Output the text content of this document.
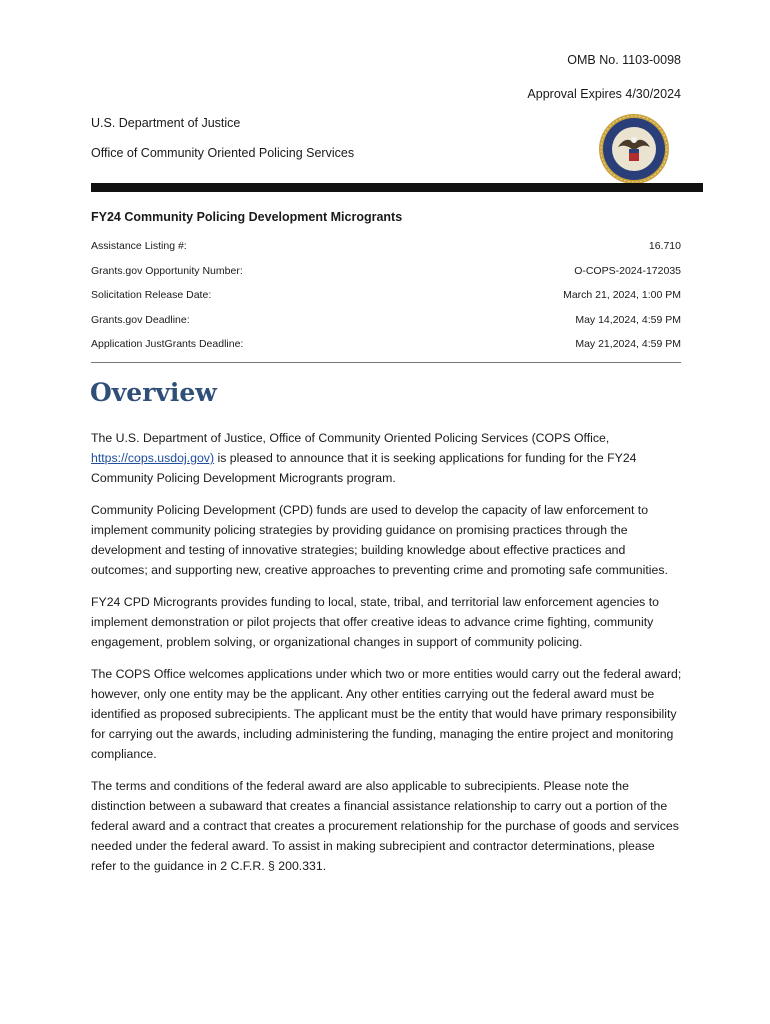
OMB No. 1103-0098
Approval Expires 4/30/2024
U.S. Department of Justice
Office of Community Oriented Policing Services
FY24 Community Policing Development Microgrants
Assistance Listing #:	16.710
Grants.gov Opportunity Number:	O-COPS-2024-172035
Solicitation Release Date:	March 21, 2024, 1:00 PM
Grants.gov Deadline:	May 14,2024, 4:59 PM
Application JustGrants Deadline:	May 21,2024, 4:59 PM
Overview

The U.S. Department of Justice, Office of Community Oriented Policing Services (COPS Office, https://cops.usdoj.gov) is pleased to announce that it is seeking applications for funding for the FY24 Community Policing Development Microgrants program.

Community Policing Development (CPD) funds are used to develop the capacity of law enforcement to implement community policing strategies by providing guidance on promising practices through the development and testing of innovative strategies; building knowledge about effective practices and outcomes; and supporting new, creative approaches to preventing crime and promoting safe communities.

FY24 CPD Microgrants provides funding to local, state, tribal, and territorial law enforcement agencies to implement demonstration or pilot projects that offer creative ideas to advance crime fighting, community engagement, problem solving, or organizational changes in support of community policing.

The COPS Office welcomes applications under which two or more entities would carry out the federal award; however, only one entity may be the applicant. Any other entities carrying out the federal award must be identified as proposed subrecipients. The applicant must be the entity that would have primary responsibility for carrying out the awards, including administering the funding, managing the entire project and monitoring compliance.

The terms and conditions of the federal award are also applicable to subrecipients. Please note the distinction between a subaward that creates a financial assistance relationship to carry out a portion of the federal award and a contract that creates a procurement relationship for the purchase of goods and services needed under the federal award. To assist in making subrecipient and contractor determinations, please refer to the guidance in 2 C.F.R. § 200.331.
